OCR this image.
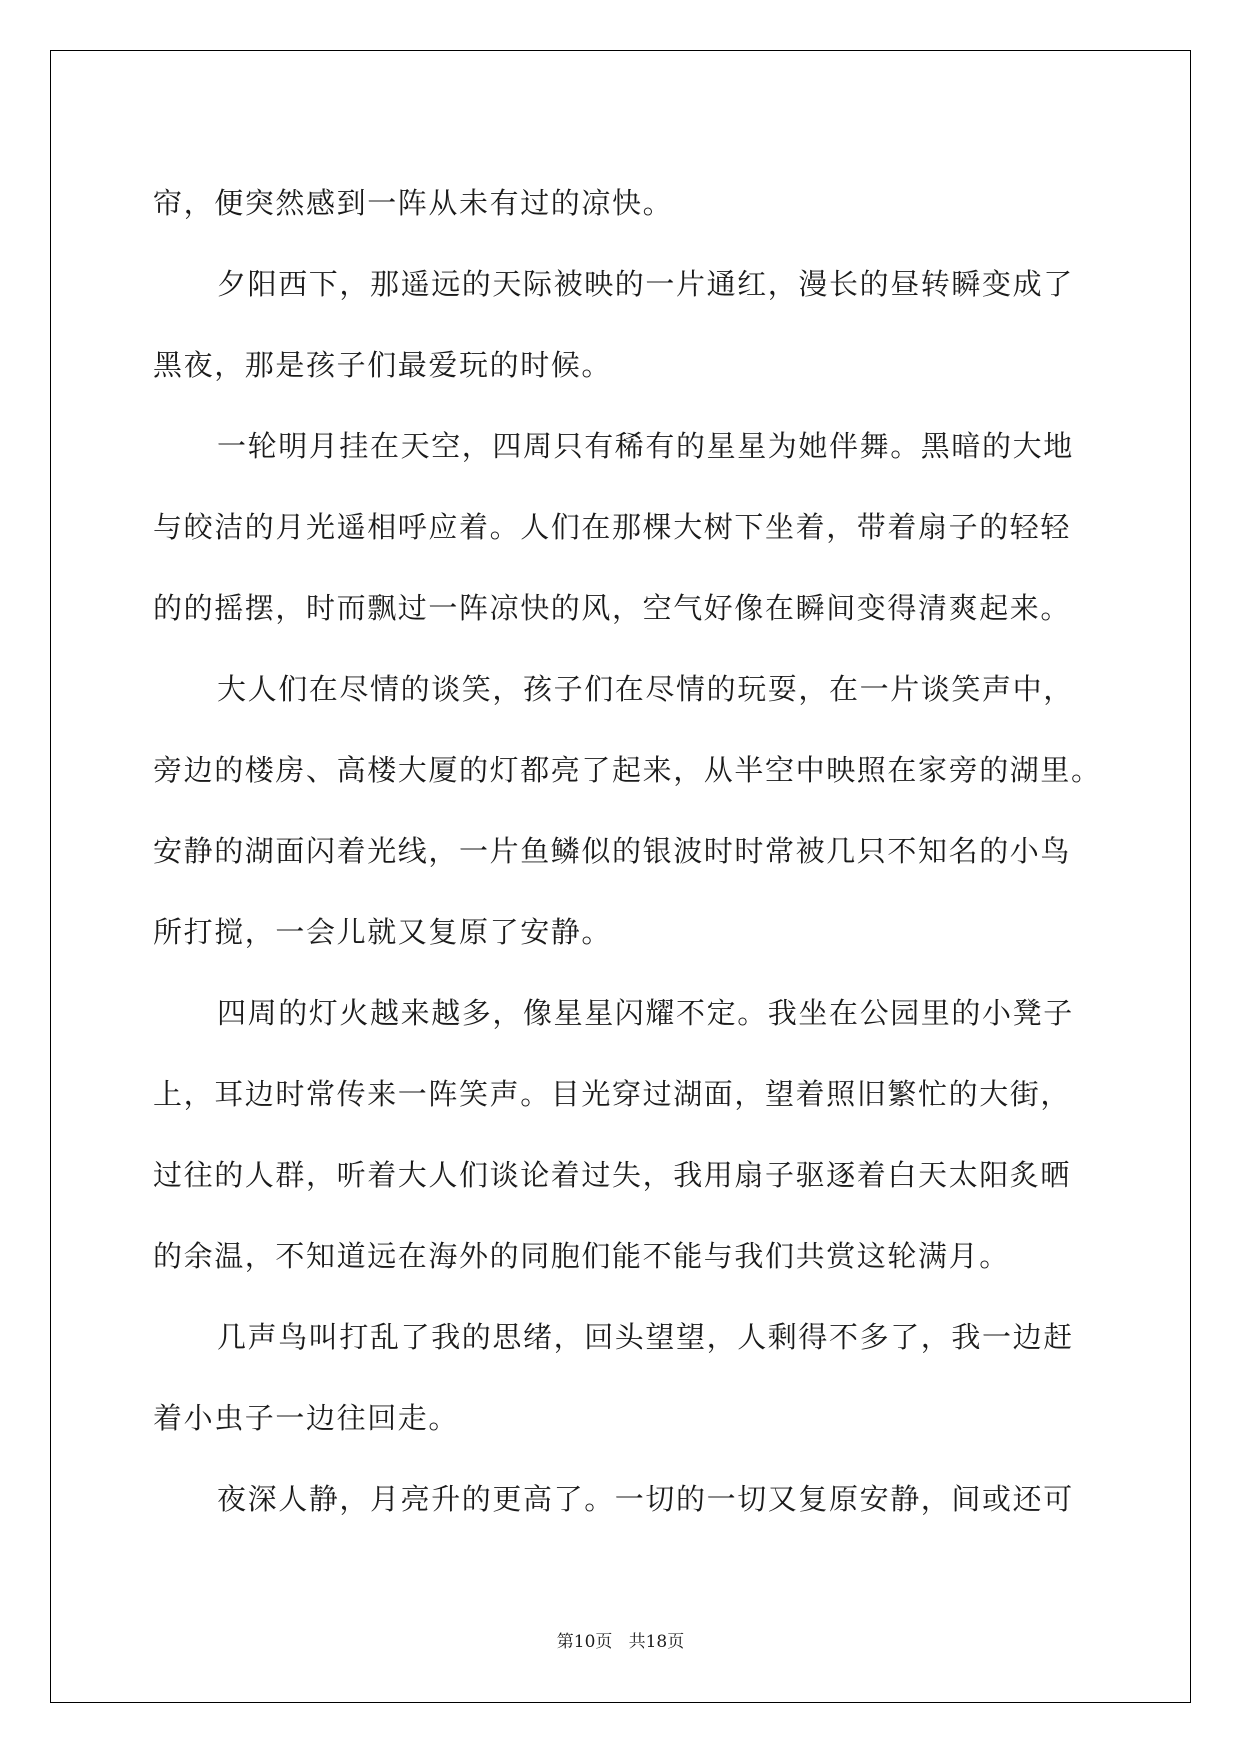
帘，便突然感到一阵从未有过的凉快。
夕阳西下，那遥远的天际被映的一片通红，漫长的昼转瞬变成了
黑夜，那是孩子们最爱玩的时候。
一轮明月挂在天空，四周只有稀有的星星为她伴舞。黑暗的大地
与皎洁的月光遥相呼应着。人们在那棵大树下坐着，带着扇子的轻轻
的的摇摆，时而飘过一阵凉快的风，空气好像在瞬间变得清爽起来。
大人们在尽情的谈笑，孩子们在尽情的玩耍，在一片谈笑声中，
旁边的楼房、高楼大厦的灯都亮了起来，从半空中映照在家旁的湖里。
安静的湖面闪着光线，一片鱼鳞似的银波时时常被几只不知名的小鸟
所打搅，一会儿就又复原了安静。
四周的灯火越来越多，像星星闪耀不定。我坐在公园里的小凳子
上，耳边时常传来一阵笑声。目光穿过湖面，望着照旧繁忙的大街，
过往的人群，听着大人们谈论着过失，我用扇子驱逐着白天太阳炙晒
的余温，不知道远在海外的同胞们能不能与我们共赏这轮满月。
几声鸟叫打乱了我的思绪，回头望望，人剩得不多了，我一边赶
着小虫子一边往回走。
夜深人静，月亮升的更高了。一切的一切又复原安静，间或还可
第10页   共18页
